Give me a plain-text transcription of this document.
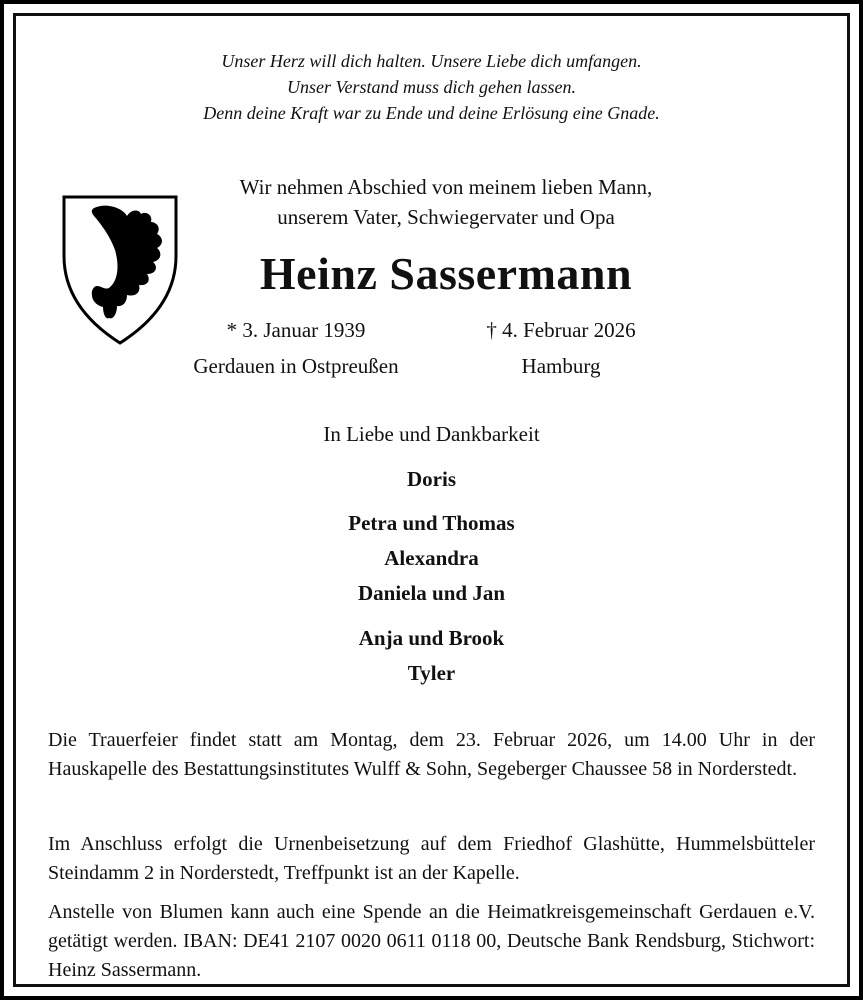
Unser Herz will dich halten. Unsere Liebe dich umfangen.
Unser Verstand muss dich gehen lassen.
Denn deine Kraft war zu Ende und deine Erlösung eine Gnade.
Wir nehmen Abschied von meinem lieben Mann,
unserem Vater, Schwiegervater und Opa
Heinz Sassermann
* 3. Januar 1939
Gerdauen in Ostpreußen
† 4. Februar 2026
Hamburg
In Liebe und Dankbarkeit
Doris
Petra und Thomas
Alexandra
Daniela und Jan
Anja und Brook
Tyler
Die Trauerfeier findet statt am Montag, dem 23. Februar 2026, um 14.00 Uhr in der Hauskapelle des Bestattungsinstitutes Wulff & Sohn, Segeberger Chaussee 58 in Norderstedt.
Im Anschluss erfolgt die Urnenbeisetzung auf dem Friedhof Glashütte, Hummelsbütteler Steindamm 2 in Norderstedt, Treffpunkt ist an der Kapelle.
Anstelle von Blumen kann auch eine Spende an die Heimatkreisgemeinschaft Gerdauen e.V. getätigt werden. IBAN: DE41 2107 0020 0611 0118 00, Deutsche Bank Rendsburg, Stichwort: Heinz Sassermann.
